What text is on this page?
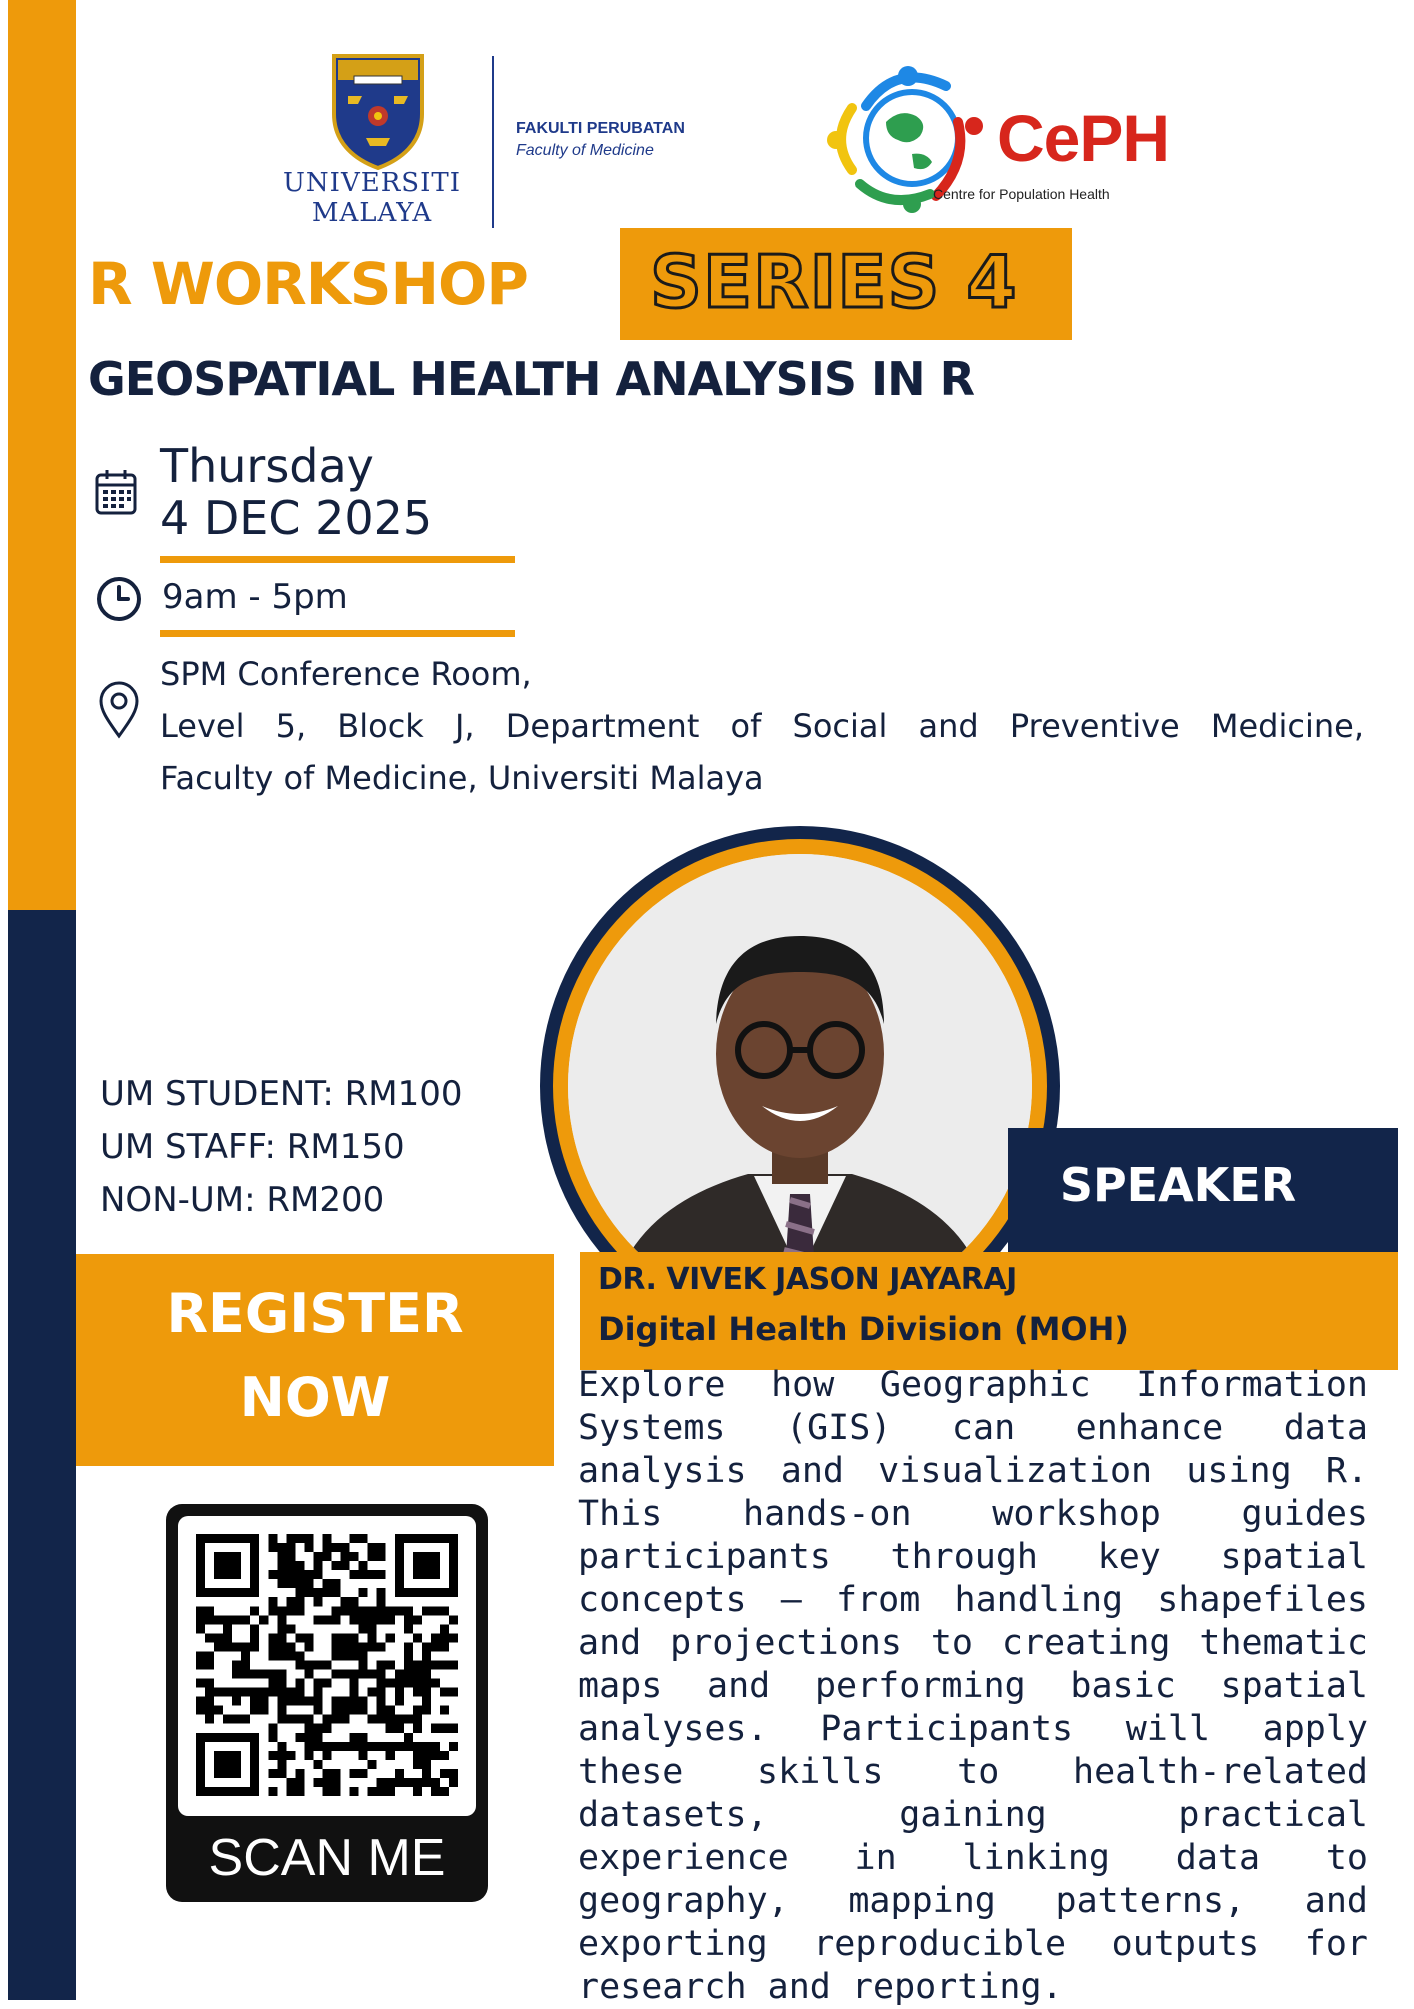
UNIVERSITI
MALAYA
FAKULTI PERUBATAN
Faculty of Medicine	CePH
Centre for Population Health
R WORKSHOP SERIES 4
GEOSPATIAL HEALTH ANALYSIS IN R
Thursday
4 DEC 2025
9am - 5pm
SPM Conference Room,
Level 5, Block J, Department of Social and Preventive Medicine,
Faculty of Medicine, Universiti Malaya
UM STUDENT: RM100
UM STAFF: RM150
NON-UM: RM200	SPEAKER
DR. VIVEK JASON JAYARAJ
Digital Health Division (MOH)
REGISTER
NOW
SCAN ME
Explore how Geographic Information Systems (GIS) can enhance data analysis and visualization using R. This hands-on workshop guides participants through key spatial concepts — from handling shapefiles and projections to creating thematic maps and performing basic spatial analyses. Participants will apply these skills to health-related datasets, gaining practical experience in linking data to geography, mapping patterns, and exporting reproducible outputs for research and reporting.
